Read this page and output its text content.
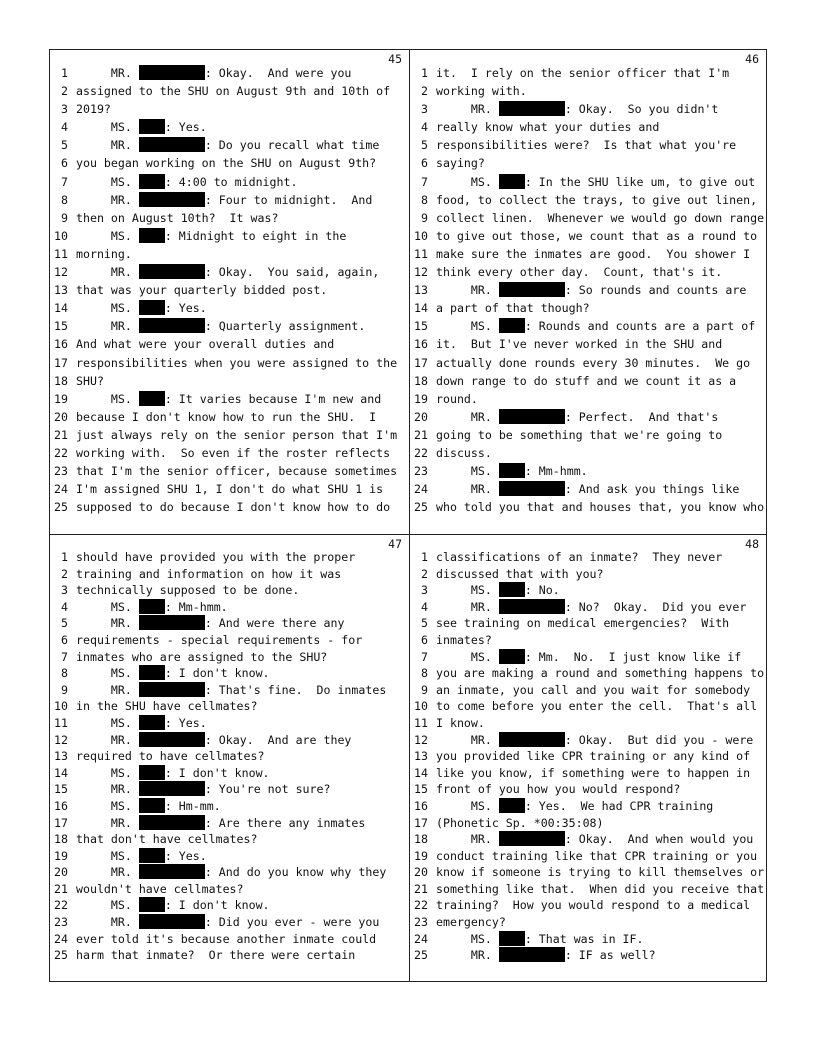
45
1 MR.	: Okay.  And were you
2 assigned to the SHU on August 9th and 10th of
3 2019?
4 MS. : Yes.
5 MR.	: Do you recall what time
6 you began working on the SHU on August 9th?
7 MS. : 4:00 to midnight.
8 MR.	: Four to midnight.  And
9 then on August 10th?  It was?
10 MS. : Midnight to eight in the
11 morning.
12 MR.	: Okay.  You said, again,
13 that was your quarterly bidded post.
14 MS. : Yes.
15 MR.	: Quarterly assignment.
16 And what were your overall duties and
17 responsibilities when you were assigned to the
18 SHU?
19 MS. : It varies because I'm new and
20 because I don't know how to run the SHU.  I
21 just always rely on the senior person that I'm
22 working with.  So even if the roster reflects
23 that I'm the senior officer, because sometimes
24 I'm assigned SHU 1, I don't do what SHU 1 is
25 supposed to do because I don't know how to do
46
1 it.  I rely on the senior officer that I'm
2 working with.
3 MR.	: Okay.  So you didn't
4 really know what your duties and
5 responsibilities were?  Is that what you're
6 saying?
7 MS. : In the SHU like um, to give out
8 food, to collect the trays, to give out linen,
9 collect linen.  Whenever we would go down range
10 to give out those, we count that as a round to
11 make sure the inmates are good.  You shower I
12 think every other day.  Count, that's it.
13 MR.	: So rounds and counts are
14 a part of that though?
15 MS. : Rounds and counts are a part of
16 it.  But I've never worked in the SHU and
17 actually done rounds every 30 minutes.  We go
18 down range to do stuff and we count it as a
19 round.
20 MR.	: Perfect.  And that's
21 going to be something that we're going to
22 discuss.
23 MS. : Mm-hmm.
24 MR.	: And ask you things like
25 who told you that and houses that, you know who
47
1 should have provided you with the proper
2 training and information on how it was
3 technically supposed to be done.
4 MS. : Mm-hmm.
5 MR.	: And were there any
6 requirements - special requirements - for
7 inmates who are assigned to the SHU?
8 MS. : I don't know.
9 MR.	: That's fine.  Do inmates
10 in the SHU have cellmates?
11 MS. : Yes.
12 MR.	: Okay.  And are they
13 required to have cellmates?
14 MS. : I don't know.
15 MR.	: You're not sure?
16 MS. : Hm-mm.
17 MR.	: Are there any inmates
18 that don't have cellmates?
19 MS. : Yes.
20 MR.	: And do you know why they
21 wouldn't have cellmates?
22 MS. : I don't know.
23 MR.	: Did you ever - were you
24 ever told it's because another inmate could
25 harm that inmate?  Or there were certain
48
1 classifications of an inmate?  They never
2 discussed that with you?
3 MS. : No.
4 MR.	: No?  Okay.  Did you ever
5 see training on medical emergencies?  With
6 inmates?
7 MS. : Mm.  No.  I just know like if
8 you are making a round and something happens to
9 an inmate, you call and you wait for somebody
10 to come before you enter the cell.  That's all
11 I know.
12 MR.	: Okay.  But did you - were
13 you provided like CPR training or any kind of
14 like you know, if something were to happen in
15 front of you how you would respond?
16 MS. : Yes.  We had CPR training
17 (Phonetic Sp. *00:35:08)
18 MR.	: Okay.  And when would you
19 conduct training like that CPR training or you
20 know if someone is trying to kill themselves or
21 something like that.  When did you receive that
22 training?  How you would respond to a medical
23 emergency?
24 MS. : That was in IF.
25 MR.	: IF as well?
